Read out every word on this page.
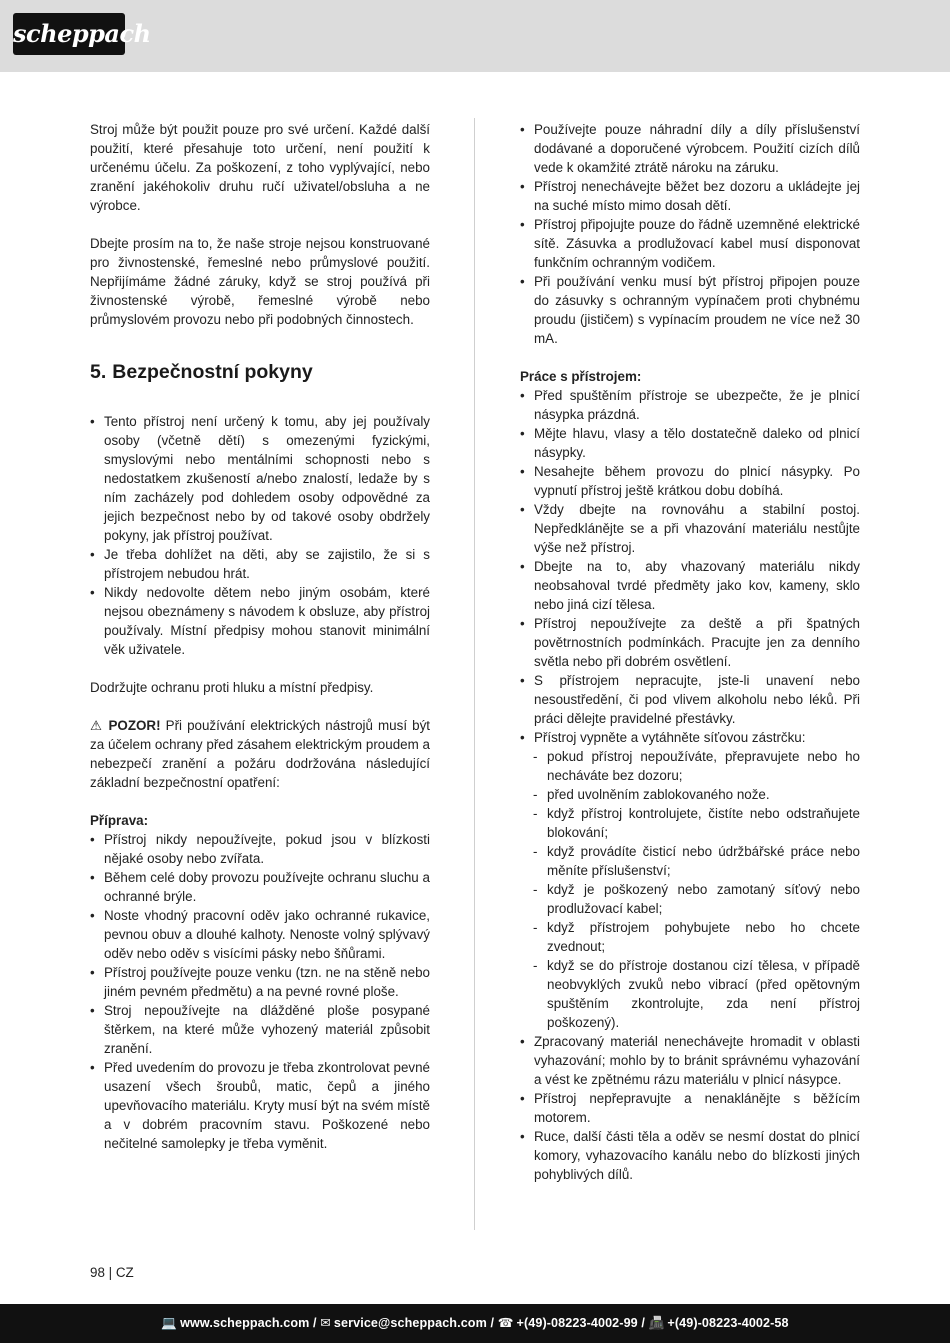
scheppach

Stroj může být použit pouze pro své určení. Každé další použití, které přesahuje toto určení, není použití k určenému účelu. Za poškození, z toho vyplývající, nebo zranění jakéhokoliv druhu ručí uživatel/obsluha a ne výrobce.

Dbejte prosím na to, že naše stroje nejsou konstruované pro živnostenské, řemeslné nebo průmyslové použití. Nepřijímáme žádné záruky, když se stroj používá při živnostenské výrobě, řemeslné výrobě nebo průmyslovém provozu nebo při podobných činnostech.

5. Bezpečnostní pokyny
• Tento přístroj není určený k tomu, aby jej používaly osoby (včetně dětí) s omezenými fyzickými, smyslovými nebo mentálními schopnosti nebo s nedostatkem zkušeností a/nebo znalostí, ledaže by s ním zacházely pod dohledem osoby odpovědné za jejich bezpečnost nebo by od takové osoby obdržely pokyny, jak přístroj používat.
• Je třeba dohlížet na děti, aby se zajistilo, že si s přístrojem nebudou hrát.
• Nikdy nedovolte dětem nebo jiným osobám, které nejsou obeznámeny s návodem k obsluze, aby přístroj používaly. Místní předpisy mohou stanovit minimální věk uživatele.

Dodržujte ochranu proti hluku a místní předpisy.

⚠ POZOR! Při používání elektrických nástrojů musí být za účelem ochrany před zásahem elektrickým proudem a nebezpečí zranění a požáru dodržována následující základní bezpečnostní opatření:

Příprava:
• Přístroj nikdy nepoužívejte, pokud jsou v blízkosti nějaké osoby nebo zvířata.
• Během celé doby provozu používejte ochranu sluchu a ochranné brýle.
• Noste vhodný pracovní oděv jako ochranné rukavice, pevnou obuv a dlouhé kalhoty. Nenoste volný splývavý oděv nebo oděv s visícími pásky nebo šňůrami.
• Přístroj používejte pouze venku (tzn. ne na stěně nebo jiném pevném předmětu) a na pevné rovné ploše.
• Stroj nepoužívejte na dlážděné ploše posypané štěrkem, na které může vyhozený materiál způsobit zranění.
• Před uvedením do provozu je třeba zkontrolovat pevné usazení všech šroubů, matic, čepů a jiného upevňovacího materiálu. Kryty musí být na svém místě a v dobrém pracovním stavu. Poškozené nebo nečitelné samolepky je třeba vyměnit.
• Používejte pouze náhradní díly a díly příslušenství dodávané a doporučené výrobcem. Použití cizích dílů vede k okamžité ztrátě nároku na záruku.
• Přístroj nenechávejte běžet bez dozoru a ukládejte jej na suché místo mimo dosah dětí.
• Přístroj připojujte pouze do řádně uzemněné elektrické sítě. Zásuvka a prodlužovací kabel musí disponovat funkčním ochranným vodičem.
• Při používání venku musí být přístroj připojen pouze do zásuvky s ochranným vypínačem proti chybnému proudu (jističem) s vypínacím proudem ne více než 30 mA.
Práce s přístrojem:
• Před spuštěním přístroje se ubezpečte, že je plnicí násypka prázdná.
• Mějte hlavu, vlasy a tělo dostatečně daleko od plnicí násypky.
• Nesahejte během provozu do plnicí násypky. Po vypnutí přístroj ještě krátkou dobu dobíhá.
• Vždy dbejte na rovnováhu a stabilní postoj. Nepředklánějte se a při vhazování materiálu nestůjte výše než přístroj.
• Dbejte na to, aby vhazovaný materiálu nikdy neobsahoval tvrdé předměty jako kov, kameny, sklo nebo jiná cizí tělesa.
• Přístroj nepoužívejte za deště a při špatných povětrnostních podmínkách. Pracujte jen za denního světla nebo při dobrém osvětlení.
• S přístrojem nepracujte, jste-li unavení nebo nesoustředění, či pod vlivem alkoholu nebo léků. Při práci dělejte pravidelné přestávky.
• Přístroj vypněte a vytáhněte síťovou zástrčku:
- pokud přístroj nepoužíváte, přepravujete nebo ho necháváte bez dozoru;
- před uvolněním zablokovaného nože.
- když přístroj kontrolujete, čistíte nebo odstraňujete blokování;
- když provádíte čisticí nebo údržbářské práce nebo měníte příslušenství;
- když je poškozený nebo zamotaný síťový nebo prodlužovací kabel;
- když přístrojem pohybujete nebo ho chcete zvednout;
- když se do přístroje dostanou cizí tělesa, v případě neobvyklých zvuků nebo vibrací (před opětovným spuštěním zkontrolujte, zda není přístroj poškozený).
• Zpracovaný materiál nenechávejte hromadit v oblasti vyhazování; mohlo by to bránit správnému vyhazování a vést ke zpětnému rázu materiálu v plnicí násypce.
• Přístroj nepřepravujte a nenaklánějte s běžícím motorem.
• Ruce, další části těla a oděv se nesmí dostat do plnicí komory, vyhazovacího kanálu nebo do blízkosti jiných pohyblivých dílů.
98 | CZ
💻 www.scheppach.com / ✉ service@scheppach.com / ☎ +(49)-08223-4002-99 / 📠 +(49)-08223-4002-58
